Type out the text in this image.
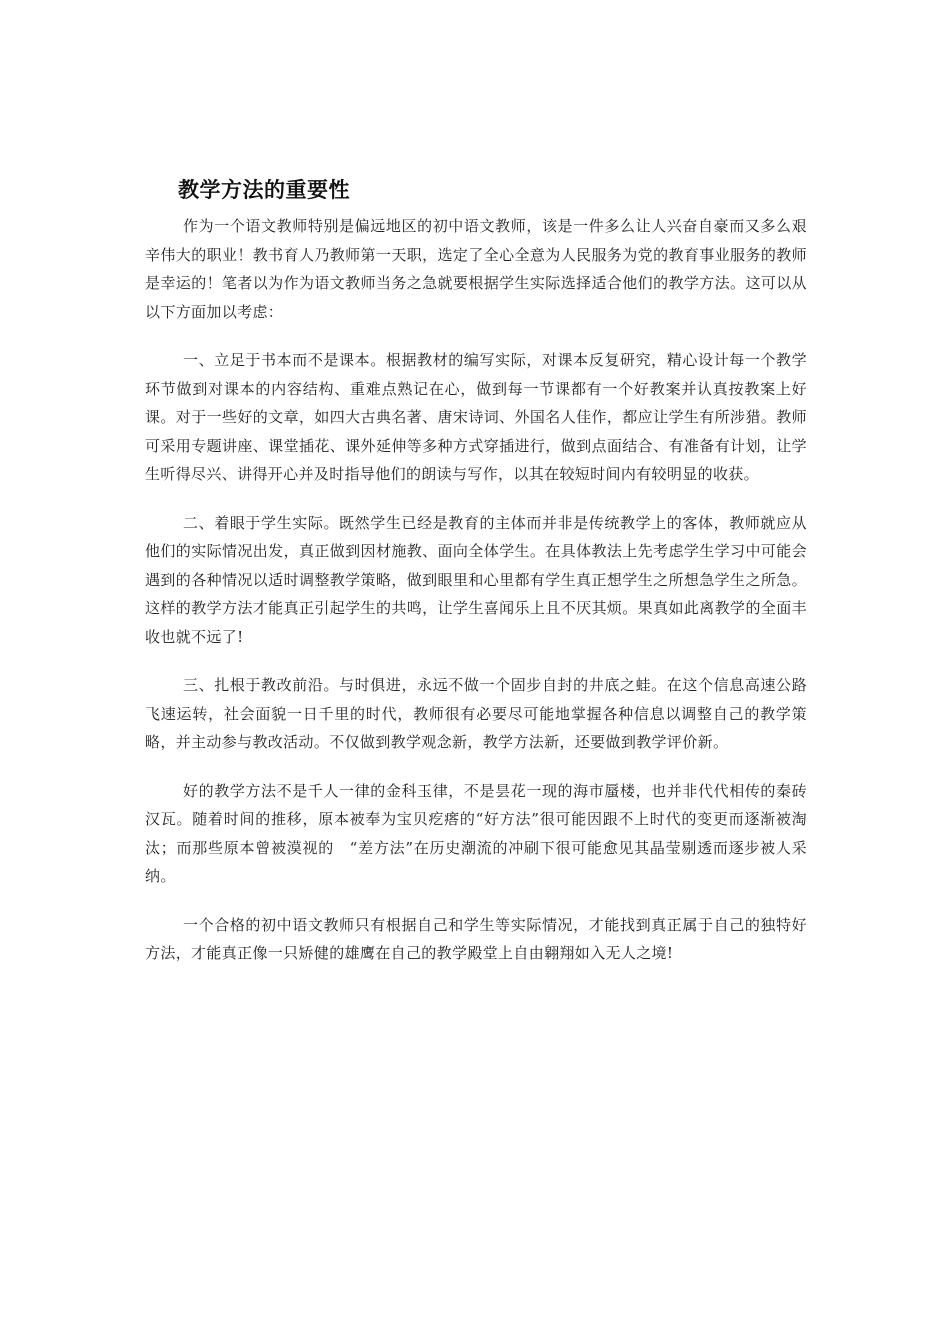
教学方法的重要性

作为一个语文教师特别是偏远地区的初中语文教师，该是一件多么让人兴奋自豪而又多么艰辛伟大的职业！教书育人乃教师第一天职，选定了全心全意为人民服务为党的教育事业服务的教师是幸运的！笔者以为作为语文教师当务之急就要根据学生实际选择适合他们的教学方法。这可以从以下方面加以考虑：

一、立足于书本而不是课本。根据教材的编写实际，对课本反复研究，精心设计每一个教学环节做到对课本的内容结构、重难点熟记在心，做到每一节课都有一个好教案并认真按教案上好课。对于一些好的文章，如四大古典名著、唐宋诗词、外国名人佳作，都应让学生有所涉猎。教师可采用专题讲座、课堂插花、课外延伸等多种方式穿插进行，做到点面结合、有准备有计划，让学生听得尽兴、讲得开心并及时指导他们的朗读与写作，以其在较短时间内有较明显的收获。

二、着眼于学生实际。既然学生已经是教育的主体而并非是传统教学上的客体，教师就应从他们的实际情况出发，真正做到因材施教、面向全体学生。在具体教法上先考虑学生学习中可能会遇到的各种情况以适时调整教学策略，做到眼里和心里都有学生真正想学生之所想急学生之所急。这样的教学方法才能真正引起学生的共鸣，让学生喜闻乐上且不厌其烦。果真如此离教学的全面丰收也就不远了!

三、扎根于教改前沿。与时俱进，永远不做一个固步自封的井底之蛙。在这个信息高速公路飞速运转，社会面貌一日千里的时代，教师很有必要尽可能地掌握各种信息以调整自己的教学策略，并主动参与教改活动。不仅做到教学观念新，教学方法新，还要做到教学评价新。

好的教学方法不是千人一律的金科玉律，不是昙花一现的海市蜃楼，也并非代代相传的秦砖汉瓦。随着时间的推移，原本被奉为宝贝疙瘩的“好方法”很可能因跟不上时代的变更而逐渐被淘汰；而那些原本曾被漠视的　“差方法”在历史潮流的冲刷下很可能愈见其晶莹剔透而逐步被人采纳。

一个合格的初中语文教师只有根据自己和学生等实际情况，才能找到真正属于自己的独特好方法，才能真正像一只矫健的雄鹰在自己的教学殿堂上自由翱翔如入无人之境!
